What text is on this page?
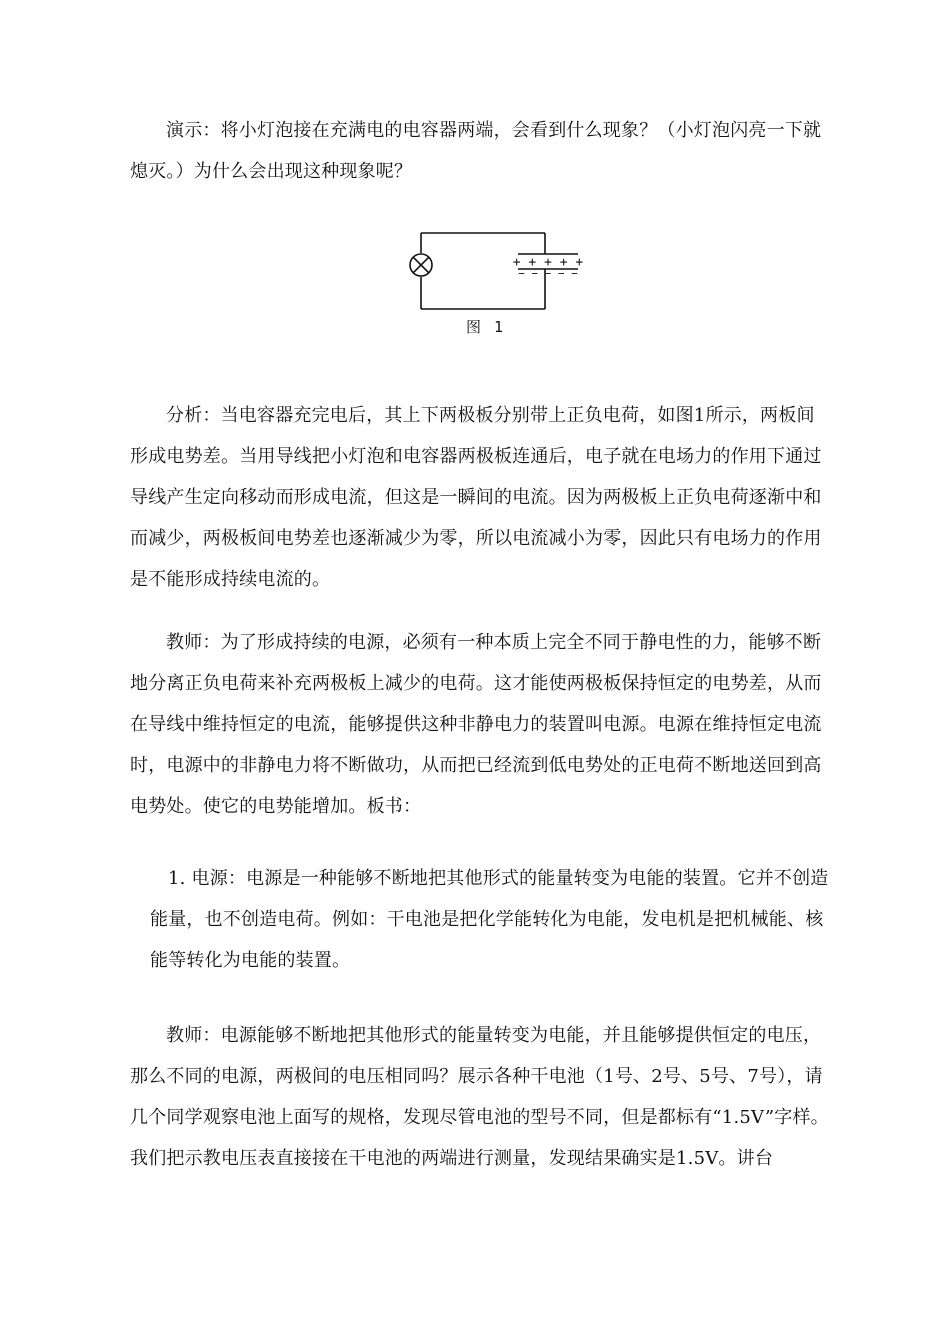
演示：将小灯泡接在充满电的电容器两端，会看到什么现象？（小灯泡闪亮一下就熄灭。）为什么会出现这种现象呢？

+ + + + +
− − − − −
图 1

分析：当电容器充完电后，其上下两极板分别带上正负电荷，如图1所示，两板间形成电势差。当用导线把小灯泡和电容器两极板连通后，电子就在电场力的作用下通过导线产生定向移动而形成电流，但这是一瞬间的电流。因为两极板上正负电荷逐渐中和而减少，两极板间电势差也逐渐减少为零，所以电流减小为零，因此只有电场力的作用是不能形成持续电流的。

教师：为了形成持续的电源，必须有一种本质上完全不同于静电性的力，能够不断地分离正负电荷来补充两极板上减少的电荷。这才能使两极板保持恒定的电势差，从而在导线中维持恒定的电流，能够提供这种非静电力的装置叫电源。电源在维持恒定电流时，电源中的非静电力将不断做功，从而把已经流到低电势处的正电荷不断地送回到高电势处。使它的电势能增加。板书：

1. 电源：电源是一种能够不断地把其他形式的能量转变为电能的装置。它并不创造能量，也不创造电荷。例如：干电池是把化学能转化为电能，发电机是把机械能、核能等转化为电能的装置。

教师：电源能够不断地把其他形式的能量转变为电能，并且能够提供恒定的电压，那么不同的电源，两极间的电压相同吗？展示各种干电池（1号、2号、5号、7号），请几个同学观察电池上面写的规格，发现尽管电池的型号不同，但是都标有“1.5V”字样。我们把示教电压表直接接在干电池的两端进行测量，发现结果确实是1.5V。讲台
